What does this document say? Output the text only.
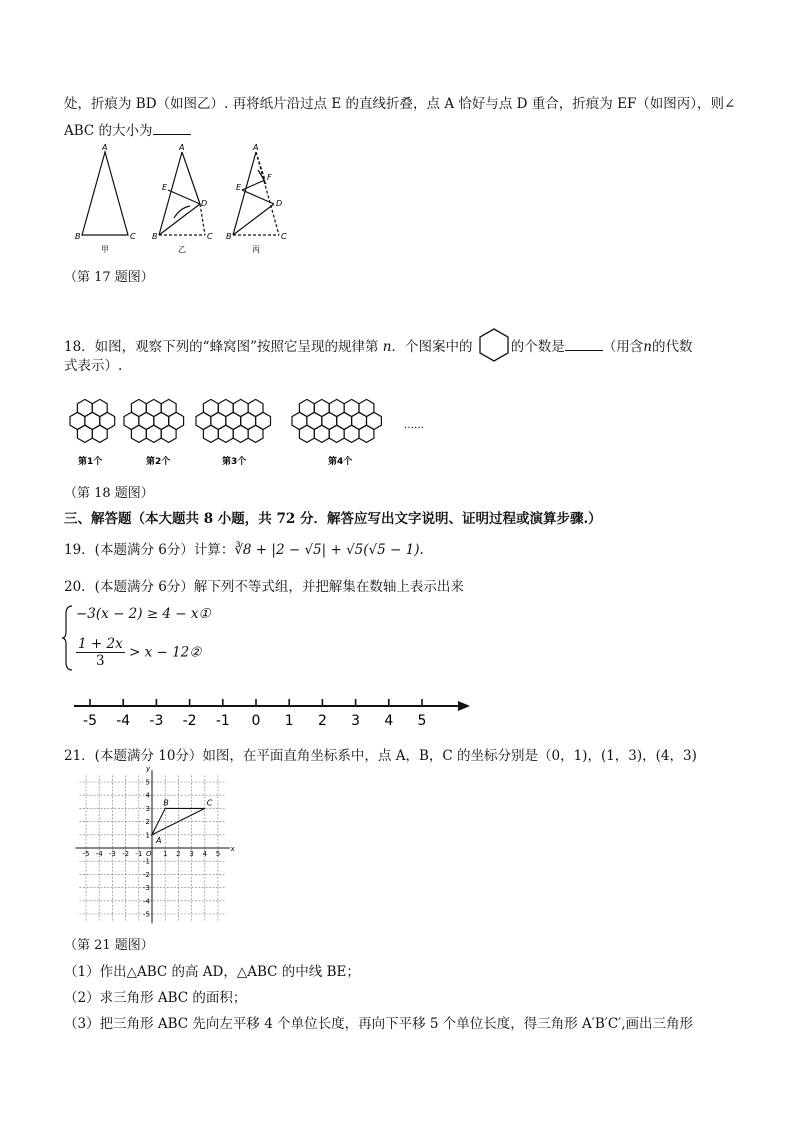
处，折痕为 BD（如图乙）. 再将纸片沿过点 E 的直线折叠，点 A 恰好与点 D 重合，折痕为 EF（如图丙），则∠
ABC 的大小为
A
B	C
甲
A
E
D
B	C
乙
A
F
E
D
B	C
丙
（第 17 题图）
18．如图，观察下列的“蜂窝图”按照它呈现的规律第 n．个图案中的	的个数是	（用含n的代数
式表示）.
第1个	第2个	第3个	第4个
……
（第 18 题图）
三、解答题（本大题共 8 小题，共 72 分．解答应写出文字说明、证明过程或演算步骤.）
19．(本题满分 6分）计算：∛8 + |2 − √5| + √5(√5 − 1).
20．(本题满分 6分）解下列不等式组，并把解集在数轴上表示出来
−3(x − 2) ≥ 4 − x①
$\frac{1 + 2x}{3} > x$ − 12②
-5 -4 -3 -2 -1 0 1 2 3 4 5
21．(本题满分 10分）如图，在平面直角坐标系中，点 A，B，C 的坐标分别是（0，1)，(1，3)，(4，3)
x
y
O
-5 -4 -3 -2 -1	1 2 3 4 5
5
4
3
2
1
-1
-2
-3
-4
-5
A
B	C
（第 21 题图）
（1）作出△ABC 的高 AD，△ABC 的中线 BE；
（2）求三角形 ABC 的面积；
（3）把三角形 ABC 先向左平移 4 个单位长度，再向下平移 5 个单位长度，得三角形 A′B′C′,画出三角形
